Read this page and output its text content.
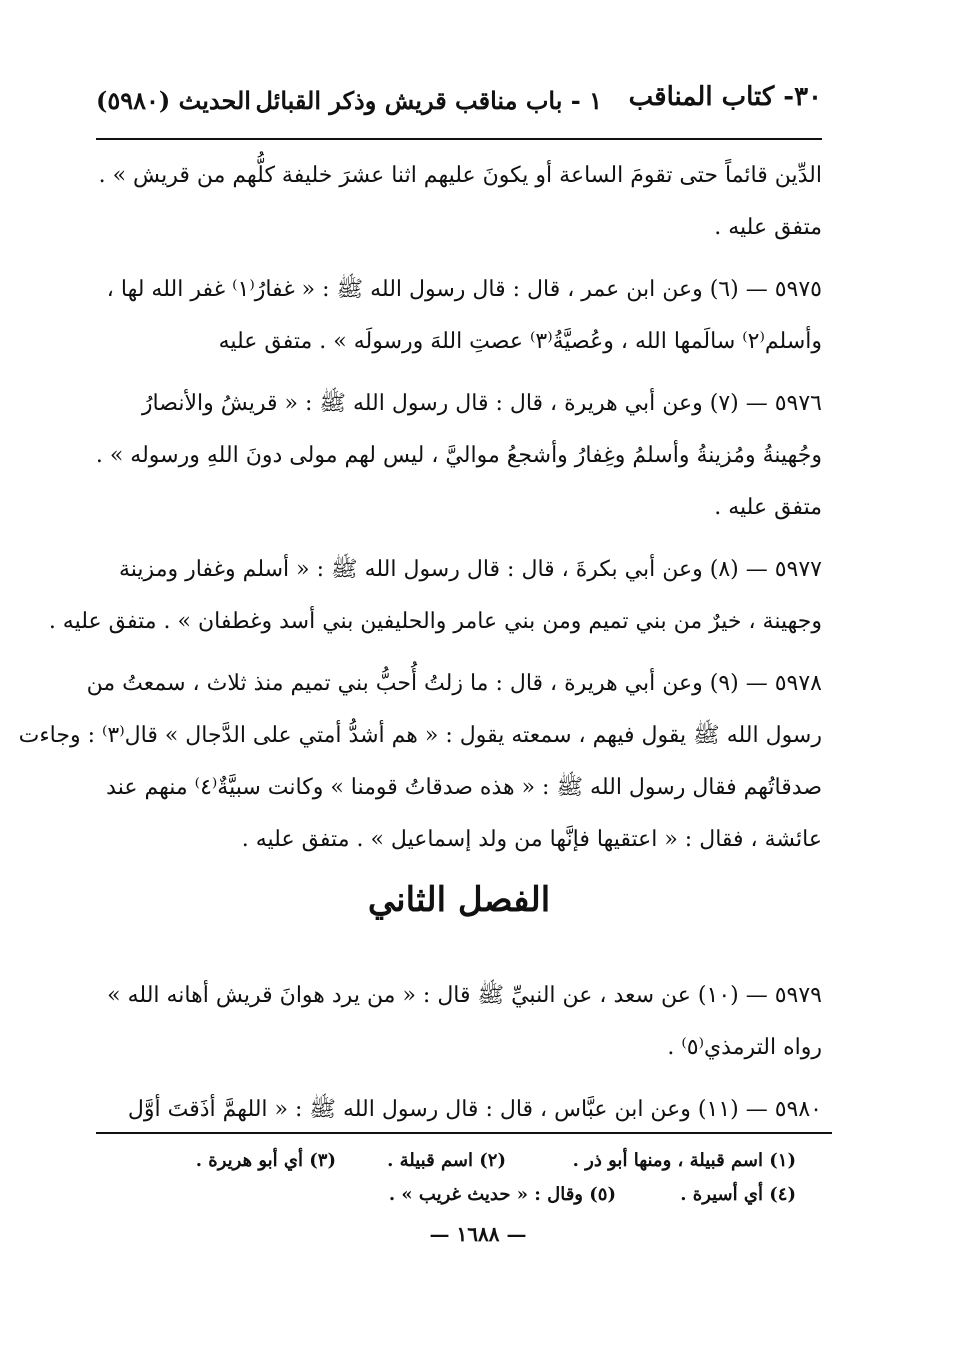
٣٠- كتاب المناقب
١ - باب مناقب قريش وذكر القبائل
الحديث (٥٩٨٠)
الدِّين قائماً حتى تقومَ الساعة أو يكونَ عليهم اثنا عشرَ خليفة كلُّهم من قريش » .
متفق عليه .
٥٩٧٥ — (٦) وعن ابن عمر ، قال : قال رسول الله ﷺ : « غفارُ⁽١⁾ غفر الله لها ،
وأسلم⁽٢⁾ سالَمها الله ، وعُصيَّةُ⁽٣⁾ عصتِ اللهَ ورسولَه » . متفق عليه
٥٩٧٦ — (٧) وعن أبي هريرة ، قال : قال رسول الله ﷺ : « قريشُ والأنصارُ
وجُهينةُ ومُزينةُ وأسلمُ وغِفارُ وأشجعُ مواليَّ ، ليس لهم مولى دونَ اللهِ ورسوله » .
متفق عليه .
٥٩٧٧ — (٨) وعن أبي بكرةَ ، قال : قال رسول الله ﷺ : « أسلم وغفار ومزينة
وجهينة ، خيرٌ من بني تميم ومن بني عامر والحليفين بني أسد وغطفان » . متفق عليه .
٥٩٧٨ — (٩) وعن أبي هريرة ، قال : ما زلتُ أُحبُّ بني تميم منذ ثلاث ، سمعتُ من
رسول الله ﷺ يقول فيهم ، سمعته يقول : « هم أشدُّ أمتي على الدَّجال » قال⁽٣⁾ : وجاءت
صدقاتُهم فقال رسول الله ﷺ : « هذه صدقاتُ قومنا » وكانت سبيَّةٌ⁽٤⁾ منهم عند
عائشة ، فقال : « اعتقيها فإنَّها من ولد إسماعيل » . متفق عليه .
الفصل الثاني
٥٩٧٩ — (١٠) عن سعد ، عن النبيِّ ﷺ قال : « من يرد هوانَ قريش أهانه الله »
رواه الترمذي⁽٥⁾ .
٥٩٨٠ — (١١) وعن ابن عبَّاس ، قال : قال رسول الله ﷺ : « اللهمَّ أذَقتَ أوَّل
(١) اسم قبيلة ، ومنها أبو ذر .
(٢) اسم قبيلة .
(٣) أي أبو هريرة .
(٤) أي أسيرة .
(٥) وقال : « حديث غريب » .
— ١٦٨٨ —
